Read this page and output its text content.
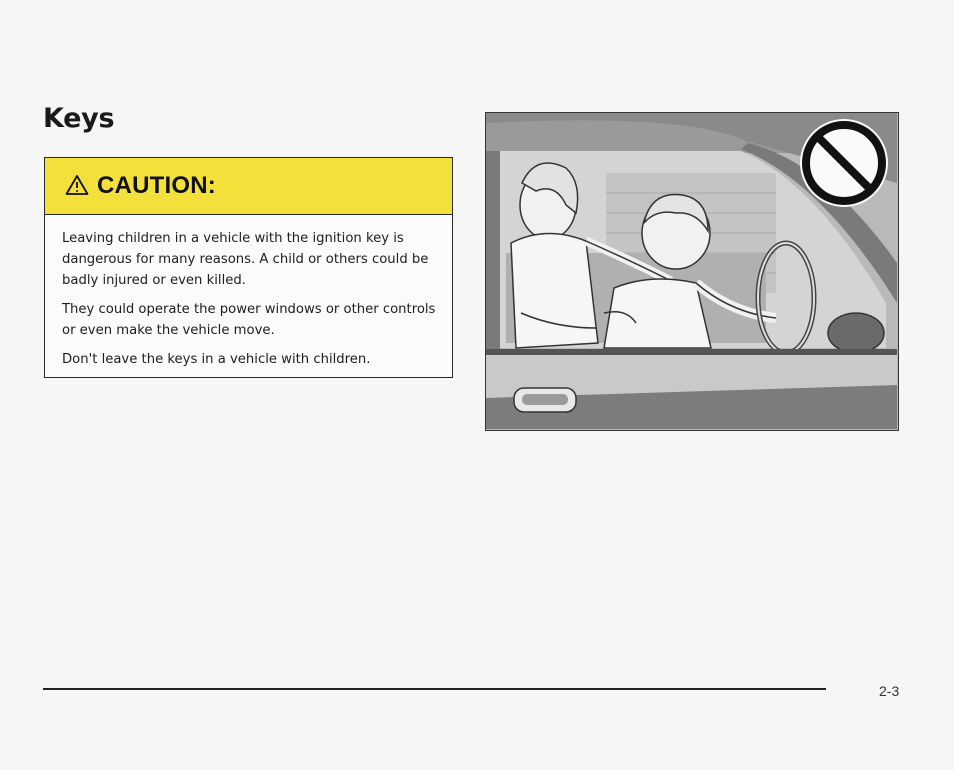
Keys
CAUTION:

Leaving children in a vehicle with the ignition key is dangerous for many reasons. A child or others could be badly injured or even killed.

They could operate the power windows or other controls or even make the vehicle move.

Don't leave the keys in a vehicle with children.

2-3
